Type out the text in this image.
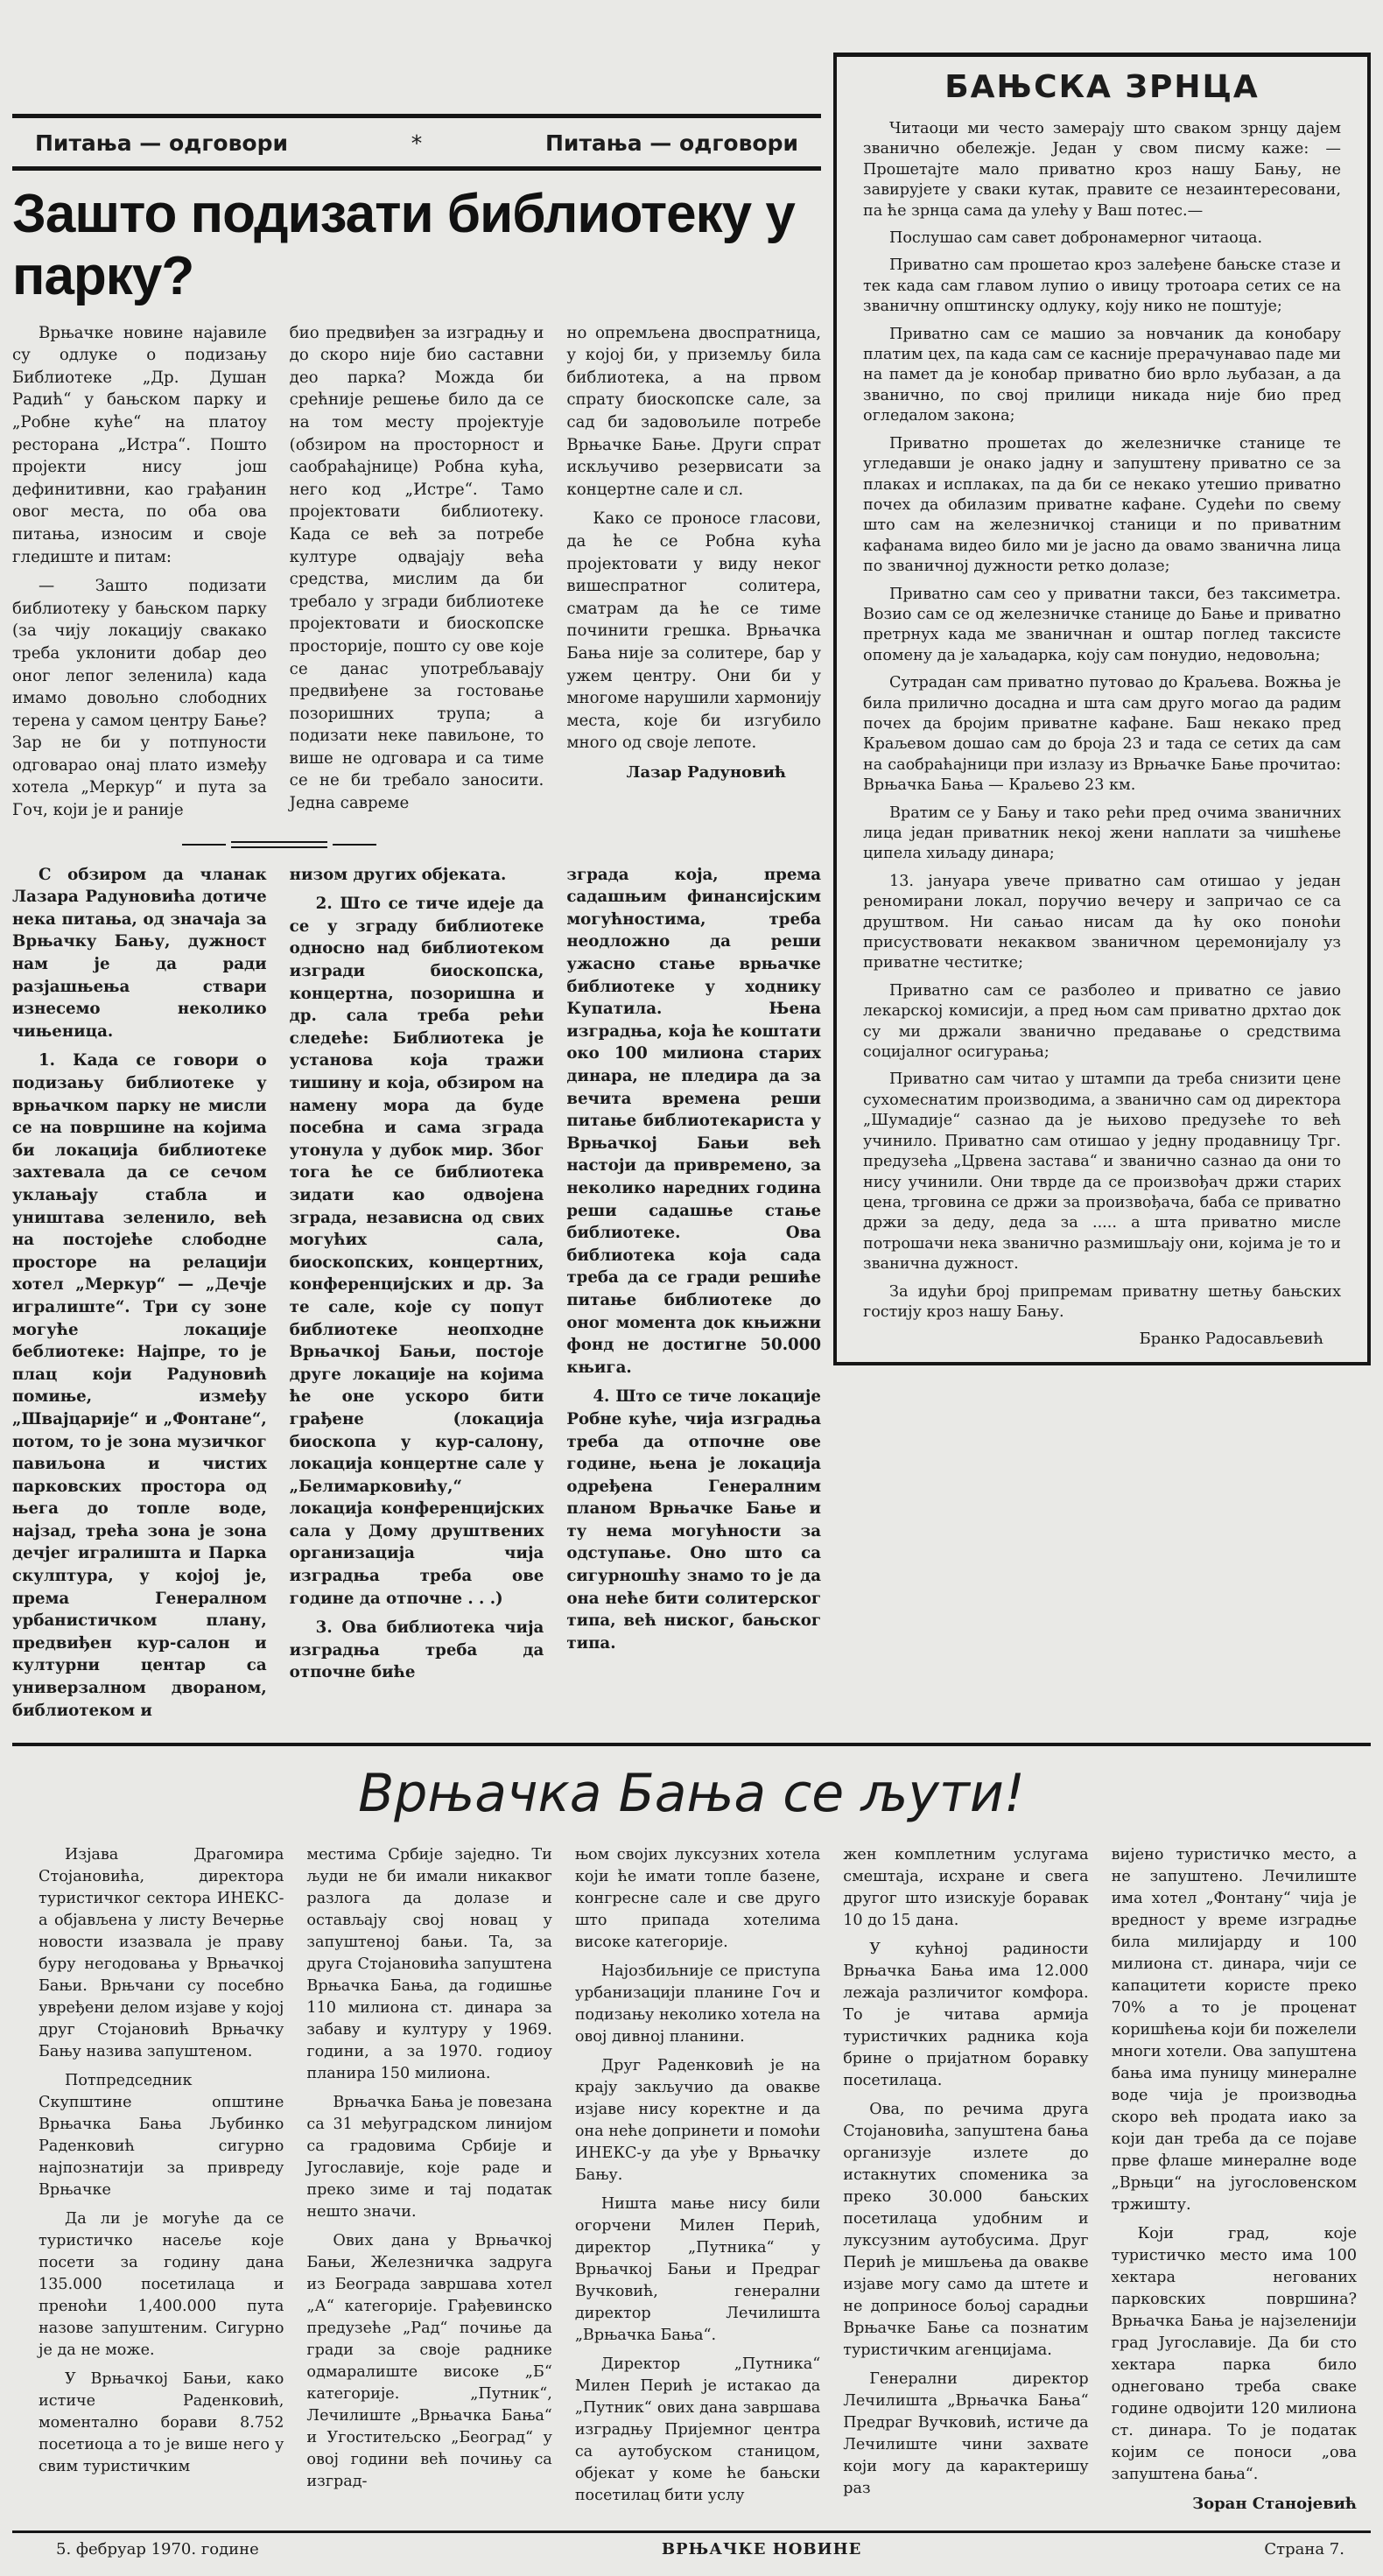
Питања — одговори	*	Питања — одговори
Зашто подизати библиотеку у парку?

Врњачке новине најавиле су одлуке о подизању Библиотеке „Др. Душан Радић“ у бањском парку и „Робне куће“ на платоу ресторана „Истра“. Пошто пројекти нису још дефинитивни, као грађанин овог места, по оба ова питања, износим и своје гледиште и питам:

— Зашто подизати библиотеку у бањском парку (за чију локацију свакако треба уклонити добар део оног лепог зеленила) када имамо довољно слободних терена у самом центру Бање? Зар не би у потпуности одговарао онај плато између хотела „Меркур“ и пута за Гоч, који је и раније

био предвиђен за изградњу и до скоро није био саставни део парка? Можда би срећније решење било да се на том месту пројектује (обзиром на просторност и саобраћајнице) Робна кућа, него код „Истре“. Тамо пројектовати библиотеку. Када се већ за потребе културе одвајају већа средства, мислим да би требало у згради библиотеке пројектовати и биоскопске просторије, пошто су ове које се данас употребљавају предвиђене за гостовање позоришних трупа; а подизати неке павиљоне, то више не одговара и са тиме се не би требало заносити. Једна савреме

но опремљена двоспратница, у којој би, у приземљу била библиотека, а на првом спрату биоскопске сале, за сад би задовољиле потребе Врњачке Бање. Други спрат искључиво резервисати за концертне сале и сл.

Како се проносе гласови, да ће се Робна кућа пројектовати у виду неког вишеспратног солитера, сматрам да ће се тиме починити грешка. Врњачка Бања није за солитере, бар у ужем центру. Они би у многоме нарушили хармонију места, које би изгубило много од своје лепоте.

Лазар Радуновић

С обзиром да чланак Лазара Радуновића дотиче нека питања, од значаја за Врњачку Бању, дужност нам је да ради разјашњења ствари изнесемо неколико чињеница.

1. Када се говори о подизању библиотеке у врњачком парку не мисли се на површине на којима би локација библиотеке захтевала да се сечом уклањају стабла и уништава зеленило, већ на постојеће слободне просторе на релацији хотел „Меркур“ — „Дечје игралиште“. Три су зоне могуће локације беблиотеке: Најпре, то је плац који Радуновић помиње, између „Швајцарије“ и „Фонтане“, потом, то је зона музичког павиљона и чистих парковских простора од њега до топле воде, најзад, трећа зона је зона дечјег игралишта и Парка скулптура, у којој је, према Генералном урбанистичком плану, предвиђен кур-салон и културни центар са универзалном двораном, библиотеком и

низом других објеката.

2. Што се тиче идеје да се у зграду библиотеке односно над библиотеком изгради биоскопска, концертна, позоришна и др. сала треба рећи следеће: Библиотека је установа која тражи тишину и која, обзиром на намену мора да буде посебна и сама зграда утонула у дубок мир. Због тога ће се библиотека зидати као одвојена зграда, независна од свих могућих сала, биоскопских, концертних, конференцијских и др. За те сале, које су попут библиотеке неопходне Врњачкој Бањи, постоје друге локације на којима ће оне ускоро бити грађене (локација биоскопа у кур-салону, локација концертне сале у „Белимарковићу,“ локација конференцијских сала у Дому друштвених организација чија изградња треба ове године да отпочне . . .)

3. Ова библиотека чија изградња треба да отпочне биће

зграда која, према садашњим финансијским могућностима, треба неодложно да реши ужасно стање врњачке библиотеке у ходнику Купатила. Њена изградња, која ће коштати око 100 милиона старих динара, не пледира да за вечита времена реши питање библиотекариста у Врњачкој Бањи већ настоји да привремено, за неколико наредних година реши садашње стање библиотеке. Ова библиотека која сада треба да се гради решиће питање библиотеке до оног момента док књижни фонд не достигне 50.000 књига.

4. Што се тиче локације Робне куће, чија изградња треба да отпочне ове године, њена је локација одређена Генералним планом Врњачке Бање и ту нема могућности за одступање. Оно што са сигурношћу знамо то је да она неће бити солитерског типа, већ ниског, бањског типа.

БАЊСКА ЗРНЦА

Читаоци ми често замерају што сваком зрнцу дајем званично обележје. Један у свом писму каже: — Прошетајте мало приватно кроз нашу Бању, не завирујете у сваки кутак, правите се незаинтересовани, па ће зрнца сама да улећу у Ваш потес.—

Послушао сам савет добронамерног читаоца.

Приватно сам прошетао кроз залеђене бањске стазе и тек када сам главом лупио о ивицу тротоара сетих се на званичну општинску одлуку, коју нико не поштује;

Приватно сам се машио за новчаник да конобару платим цех, па када сам се касније прерачунавао паде ми на памет да је конобар приватно био врло љубазан, а да званично, по свој прилици никада није био пред огледалом закона;

Приватно прошетах до железничке станице те угледавши је онако јадну и запуштену приватно се за плаках и исплаках, па да би се некако утешио приватно почех да обилазим приватне кафане. Судећи по свему што сам на железничкој станици и по приватним кафанама видео било ми је јасно да овамо званична лица по званичној дужности ретко долазе;

Приватно сам сео у приватни такси, без таксиметра. Возио сам се од железничке станице до Бање и приватно претрнух када ме званичнан и оштар поглед таксисте опомену да је хаљадарка, коју сам понудио, недовољна;

Сутрадан сам приватно путовао до Краљева. Вожња је била прилично досадна и шта сам друго могао да радим почех да бројим приватне кафане. Баш некако пред Краљевом дошао сам до броја 23 и тада се сетих да сам на саобраћајници при излазу из Врњачке Бање прочитао: Врњачка Бања — Краљево 23 км.

Вратим се у Бању и тако рећи пред очима званичних лица један приватник некој жени наплати за чишћење ципела хиљаду динара;

13. јануара увече приватно сам отишао у један реномирани локал, поручио вечеру и запричао се са друштвом. Ни сањао нисам да ћу око поноћи присуствовати некаквом званичном церемонијалу уз приватне честитке;

Приватно сам се разболео и приватно се јавио лекарској комисији, а пред њом сам приватно дрхтао док су ми држали званично предавање о средствима социјалног осигурања;

Приватно сам читао у штампи да треба снизити цене сухомеснатим производима, а званично сам од директора „Шумадије“ сазнао да је њихово предузеће то већ учинило. Приватно сам отишао у једну продавницу Трг. предузећа „Црвена застава“ и званично сазнао да они то нису учинили. Они тврде да се произвођач држи старих цена, трговина се држи за произвођача, баба се приватно држи за деду, деда за ..... а шта приватно мисле потрошачи нека званично размишљају они, којима је то и званична дужност.

За идући број припремам приватну шетњу бањских гостију кроз нашу Бању.

Бранко Радосављевић
Врњачка Бања се љути!

Изјава Драгомира Стојановића, директора туристичког сектора ИНЕКС-а објављена у листу Вечерње новости изазвала је праву буру негодовања у Врњачкој Бањи. Врњчани су посебно увређени делом изјаве у којој друг Стојановић Врњачку Бању назива запуштеном.

Потпредседник Скупштине општине Врњачка Бања Љубинко Раденковић сигурно најпознатији за привреду Врњачке

Да ли је могуће да се туристичко насеље које посети за годину дана 135.000 посетилаца и преноћи 1,400.000 пута назове запуштеним. Сигурно је да не може.

У Врњачкој Бањи, како истиче Раденковић, моментално борави 8.752 посетиоца а то је више него у свим туристичким

местима Србије заједно. Ти људи не би имали никаквог разлога да долазе и остављају свој новац у запуштеној бањи. Та, за друга Стојановића запуштена Врњачка Бања, да годишње 110 милиона ст. динара за забаву и културу у 1969. години, а за 1970. годиоу планира 150 милиона.

Врњачка Бања је повезана са 31 међуградском линијом са градовима Србије и Југославије, које раде и преко зиме и тај податак нешто значи.

Ових дана у Врњачкој Бањи, Железничка задруга из Београда завршава хотел „А“ категорије. Грађевинско предузеће „Рад“ почиње да гради за своје раднике одмаралиште високе „Б“ категорије. „Путник“, Лечилиште „Врњачка Бања“ и Угоститељско „Београд“ у овој години већ почињу са изград-

њом својих луксузних хотела који ће имати топле базене, конгресне сале и све друго што припада хотелима високе категорије.

Најозбиљније се приступа урбанизацији планине Гоч и подизању неколико хотела на овој дивној планини.

Друг Раденковић је на крају закључио да овакве изјаве нису коректне и да она неће допринети и помоћи ИНЕКС-у да уђе у Врњачку Бању.

Ништа мање нису били огорчени Милен Перић, директор „Путника“ у Врњачкој Бањи и Предраг Вучковић, генерални директор Лечилишта „Врњачка Бања“.

Директор „Путника“ Милен Перић је истакао да „Путник“ ових дана завршава изградњу Пријемног центра са аутобуском станицом, објекат у коме ће бањски посетилац бити услу

жен комплетним услугама смештаја, исхране и свега другог што изискује боравак 10 до 15 дана.

У кућној радиности Врњачка Бања има 12.000 лежаја различитог комфора. То је читава армија туристичких радника која брине о пријатном боравку посетилаца.

Ова, по речима друга Стојановића, запуштена бања организује излете до истакнутих споменика за преко 30.000 бањских посетилаца удобним и луксузним аутобусима. Друг Перић је мишљења да овакве изјаве могу само да штете и не доприносе бољој сарадњи Врњачке Бање са познатим туристичким агенцијама.

Генерални директор Лечилишта „Врњачка Бања“ Предраг Вучковић, истиче да Лечилиште чини захвате који могу да карактеришу раз

вијено туристичко место, а не запуштено. Лечилиште има хотел „Фонтану“ чија је вредност у време изградње била милијарду и 100 милиона ст. динара, чији се капацитети користе преко 70% а то је проценат коришћења који би пожелели многи хотели. Ова запуштена бања има пуницу минералне воде чија је производња скоро већ продата иако за који дан треба да се појаве прве флаше минералне воде „Врњци“ на југословенском тржишту.

Који град, које туристичко место има 100 хектара негованих парковских површина? Врњачка Бања је најзеленији град Југославије. Да би сто хектара парка било однеговано треба сваке године одвојити 120 милиона ст. динара. То је податак којим се поноси „ова запуштена бања“.

Зоран Станојевић
5. фебруар 1970. године	ВРЊАЧКЕ НОВИНЕ	Страна 7.
